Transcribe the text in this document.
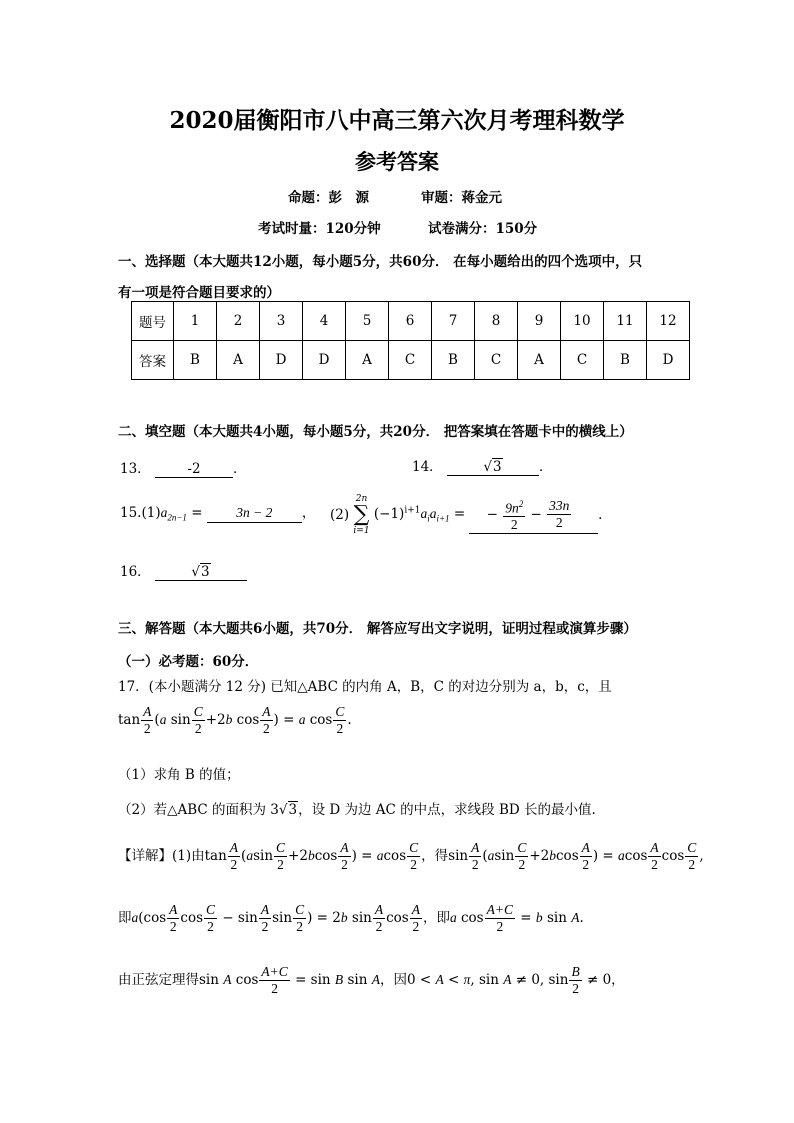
2020届衡阳市八中高三第六次月考理科数学
参考答案
命题：彭　源	审题：蒋金元
考试时量：120分钟	试卷满分：150分
一、选择题（本大题共12小题，每小题5分，共60分． 在每小题给出的四个选项中，只
有一项是符合题目要求的）
题号	1	2	3	4	5	6	7	8	9	10	11	12
答案	B	A	D	D	A	C	B	C	A	C	B	D
二、填空题（本大题共4小题，每小题5分，共20分． 把答案填在答题卡中的横线上）
13．	-2 ．	14．	√3	．
$15.(1)a_{2n-1} = 3n - 2$ ， (2)
2n
∑
i=1
$(-1)^{i+1}a_ia_{i+1}$ =     − $\frac{9n^2}{2} - \frac{33n}{2}$ .
16．	√3
三、解答题（本大题共6小题，共70分． 解答应写出文字说明，证明过程或演算步骤）
（一）必考题：60分．
17．(本小题满分 12 分) 已知△ABC 的内角 A，B，C 的对边分别为 a，b，c，且
$\tan \frac{A}{2} (a$ $\sin \frac{C}{2} +2b$ $\cos \frac{A}{2}$ ) = a $\cos \frac{C}{2}$ .
（1）求角 B 的值；
（2）若△ABC 的面积为 3√3，设 D 为边 AC 的中点，求线段 BD 长的最小值.
【详解】(1)由$\tan \frac{A}{2} (asin \frac{C}{2} +2bcos \frac{A}{2}$ ) = acos $\frac{C}{2}$ ，得$\sin \frac{A}{2} (asin \frac{C}{2} +2bcos \frac{A}{2}$ ) = acos $\frac{A}{2}$ $\cos \frac{C}{2}$ ,
即$a(\cos \frac{A}{2}$ $\cos \frac{C}{2} - \sin \frac{A}{2}$ $\sin \frac{C}{2}$ ) = 2b $\sin \frac{A}{2}$ $\cos \frac{A}{2}$ ，即a $\cos \frac{A+C}{2} = b$ sin A.
由正弦定理得sin A $\cos \frac{A+C}{2} = \sin B$ sin A，因0 < A < π, sin A ≠ 0, $\sin \frac{B}{2} \ne 0$，
